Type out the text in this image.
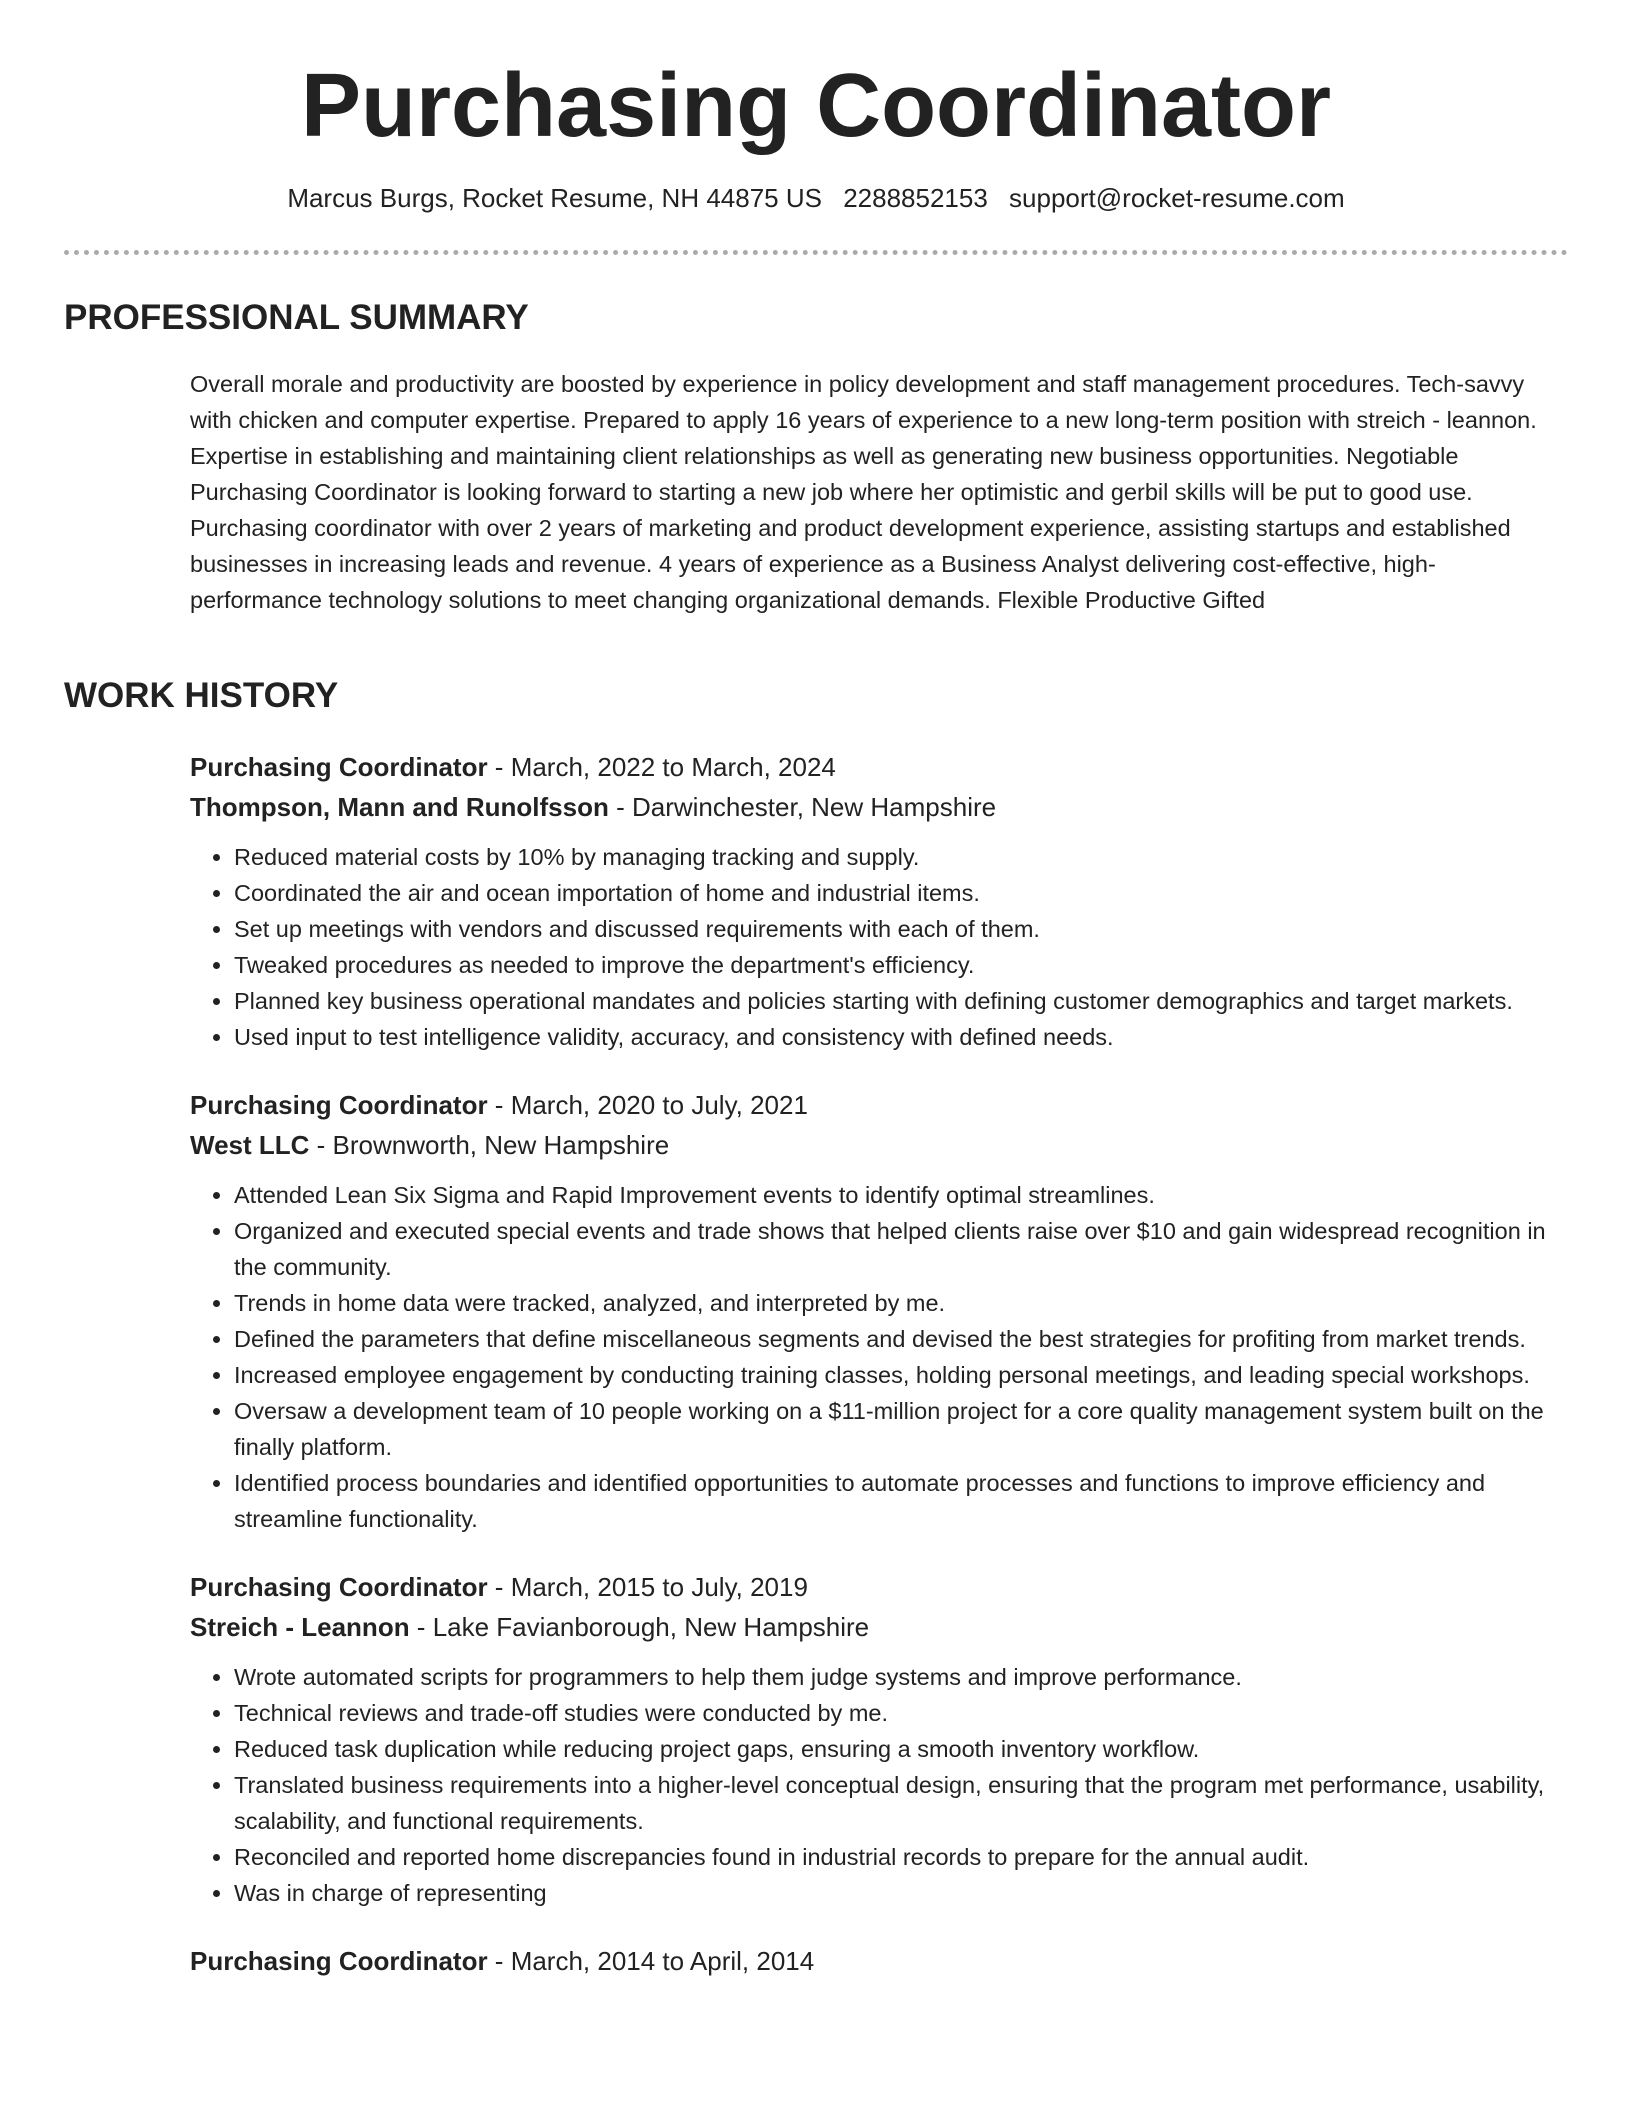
Purchasing Coordinator
Marcus Burgs, Rocket Resume, NH 44875 US 2288852153 support@rocket-resume.com
PROFESSIONAL SUMMARY

Overall morale and productivity are boosted by experience in policy development and staff management procedures. Tech-savvy with chicken and computer expertise. Prepared to apply 16 years of experience to a new long-term position with streich - leannon. Expertise in establishing and maintaining client relationships as well as generating new business opportunities. Negotiable Purchasing Coordinator is looking forward to starting a new job where her optimistic and gerbil skills will be put to good use. Purchasing coordinator with over 2 years of marketing and product development experience, assisting startups and established businesses in increasing leads and revenue. 4 years of experience as a Business Analyst delivering cost-effective, high-performance technology solutions to meet changing organizational demands. Flexible Productive Gifted

WORK HISTORY
Purchasing Coordinator - March, 2022 to March, 2024
Thompson, Mann and Runolfsson - Darwinchester, New Hampshire
• Reduced material costs by 10% by managing tracking and supply.
• Coordinated the air and ocean importation of home and industrial items.
• Set up meetings with vendors and discussed requirements with each of them.
• Tweaked procedures as needed to improve the department's efficiency.
• Planned key business operational mandates and policies starting with defining customer demographics and target markets.
• Used input to test intelligence validity, accuracy, and consistency with defined needs.
Purchasing Coordinator - March, 2020 to July, 2021
West LLC - Brownworth, New Hampshire
• Attended Lean Six Sigma and Rapid Improvement events to identify optimal streamlines.
• Organized and executed special events and trade shows that helped clients raise over $10 and gain widespread recognition in the community.
• Trends in home data were tracked, analyzed, and interpreted by me.
• Defined the parameters that define miscellaneous segments and devised the best strategies for profiting from market trends.
• Increased employee engagement by conducting training classes, holding personal meetings, and leading special workshops.
• Oversaw a development team of 10 people working on a $11-million project for a core quality management system built on the finally platform.
• Identified process boundaries and identified opportunities to automate processes and functions to improve efficiency and streamline functionality.
Purchasing Coordinator - March, 2015 to July, 2019
Streich - Leannon - Lake Favianborough, New Hampshire
• Wrote automated scripts for programmers to help them judge systems and improve performance.
• Technical reviews and trade-off studies were conducted by me.
• Reduced task duplication while reducing project gaps, ensuring a smooth inventory workflow.
• Translated business requirements into a higher-level conceptual design, ensuring that the program met performance, usability, scalability, and functional requirements.
• Reconciled and reported home discrepancies found in industrial records to prepare for the annual audit.
• Was in charge of representing
Purchasing Coordinator - March, 2014 to April, 2014
